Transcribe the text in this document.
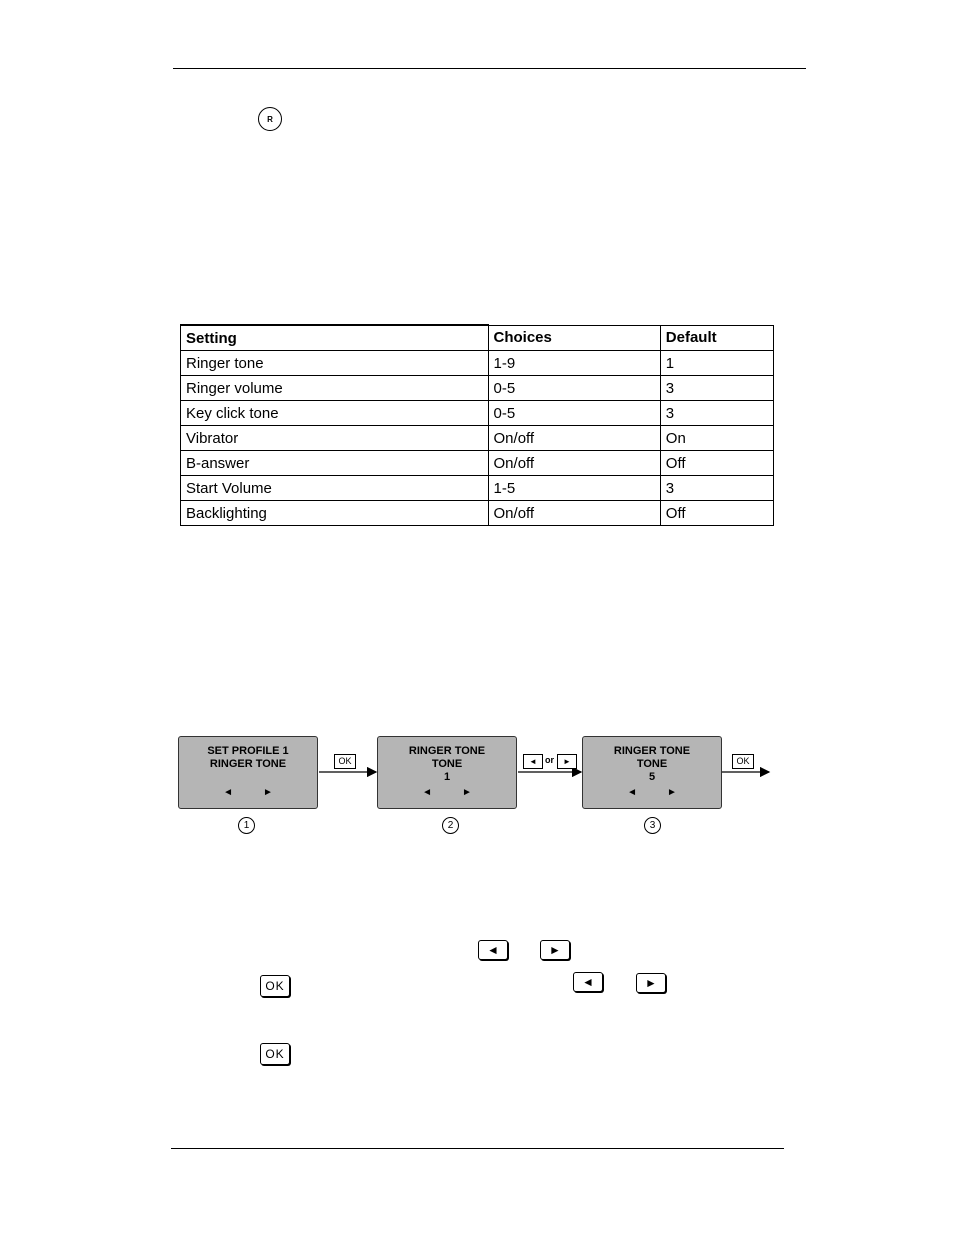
R
Setting	Choices	Default
Ringer tone	1-9	1
Ringer volume	0-5	3
Key click tone	0-5	3
Vibrator	On/off	On
B-answer	On/off	Off
Start Volume	1-5	3
Backlighting	On/off	Off
SET PROFILE 1
RINGER TONE
◄	►
RINGER TONE
TONE
1
◄	►
RINGER TONE
TONE
5
◄	►
OK	◄ or	►	OK
1	2	3
◄	►
OK	◄	►
OK
